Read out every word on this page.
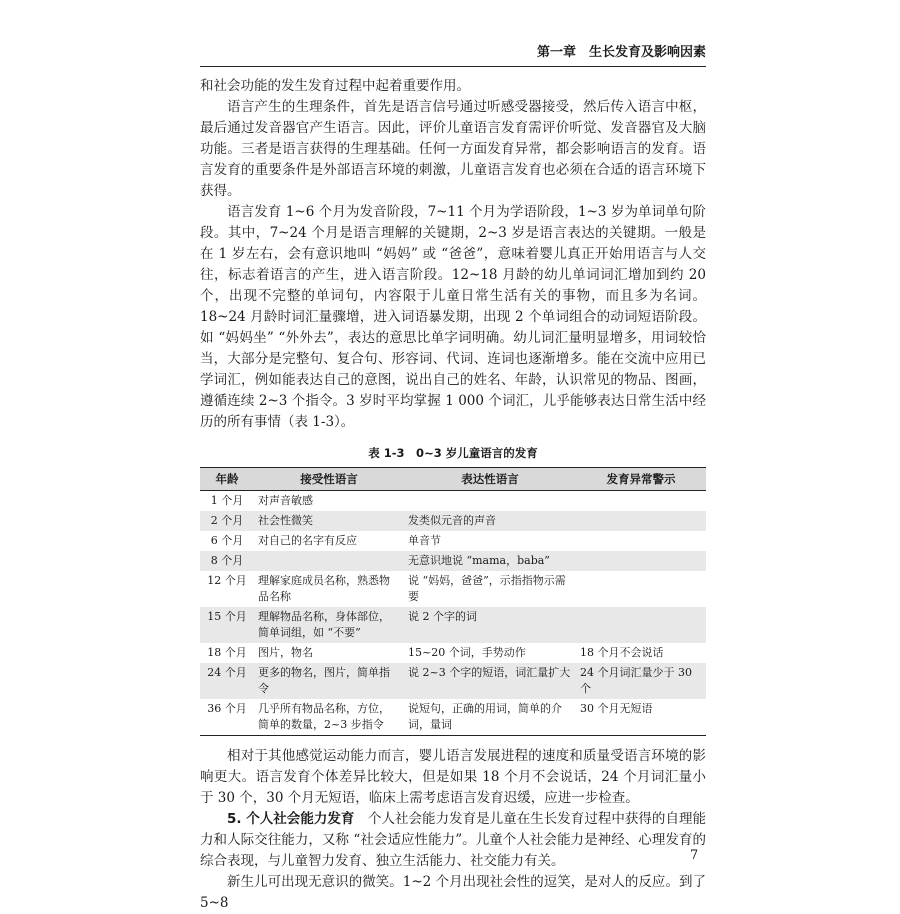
第一章　生长发育及影响因素

和社会功能的发生发育过程中起着重要作用。

语言产生的生理条件，首先是语言信号通过听感受器接受，然后传入语言中枢，最后通过发音器官产生语言。因此，评价儿童语言发育需评价听觉、发音器官及大脑功能。三者是语言获得的生理基础。任何一方面发育异常，都会影响语言的发育。语言发育的重要条件是外部语言环境的刺激，儿童语言发育也必须在合适的语言环境下获得。

语言发育 1~6 个月为发音阶段，7~11 个月为学语阶段，1~3 岁为单词单句阶段。其中，7~24 个月是语言理解的关键期，2~3 岁是语言表达的关键期。一般是在 1 岁左右，会有意识地叫 “妈妈” 或 “爸爸”，意味着婴儿真正开始用语言与人交往，标志着语言的产生，进入语言阶段。12~18 月龄的幼儿单词词汇增加到约 20 个，出现不完整的单词句，内容限于儿童日常生活有关的事物，而且多为名词。18~24 月龄时词汇量骤增，进入词语暴发期，出现 2 个单词组合的动词短语阶段。如 “妈妈坐” “外外去”，表达的意思比单字词明确。幼儿词汇量明显增多，用词较恰当，大部分是完整句、复合句、形容词、代词、连词也逐渐增多。能在交流中应用已学词汇，例如能表达自己的意图，说出自己的姓名、年龄，认识常见的物品、图画，遵循连续 2~3 个指令。3 岁时平均掌握 1 000 个词汇，儿乎能够表达日常生活中经历的所有事情（表 1-3）。

表 1-3　0~3 岁儿童语言的发育
年龄	接受性语言	表达性语言	发育异常警示
1 个月	对声音敏感		
2 个月	社会性微笑	发类似元音的声音	
6 个月	对自己的名字有反应	单音节	
8 个月		无意识地说 “mama，baba”	
12 个月	理解家庭成员名称，熟悉物品名称	说 “妈妈，爸爸”，示指指物示需要	
15 个月	理解物品名称，身体部位，简单词组，如 “不要”	说 2 个字的词	
18 个月	图片，物名	15~20 个词，手势动作	18 个月不会说话
24 个月	更多的物名，图片，简单指令	说 2~3 个字的短语，词汇量扩大	24 个月词汇量少于 30 个
36 个月	几乎所有物品名称，方位，简单的数量，2~3 步指令	说短句，正确的用词，简单的介词，量词	30 个月无短语

相对于其他感觉运动能力而言，婴儿语言发展进程的速度和质量受语言环境的影响更大。语言发育个体差异比较大，但是如果 18 个月不会说话，24 个月词汇量小于 30 个，30 个月无短语，临床上需考虑语言发育迟缓，应进一步检查。

5. 个人社会能力发育　个人社会能力发育是儿童在生长发育过程中获得的自理能力和人际交往能力，又称 “社会适应性能力”。儿童个人社会能力是神经、心理发育的综合表现，与儿童智力发育、独立生活能力、社交能力有关。

新生儿可出现无意识的微笑。1~2 个月出现社会性的逗笑，是对人的反应。到了 5~8

7
